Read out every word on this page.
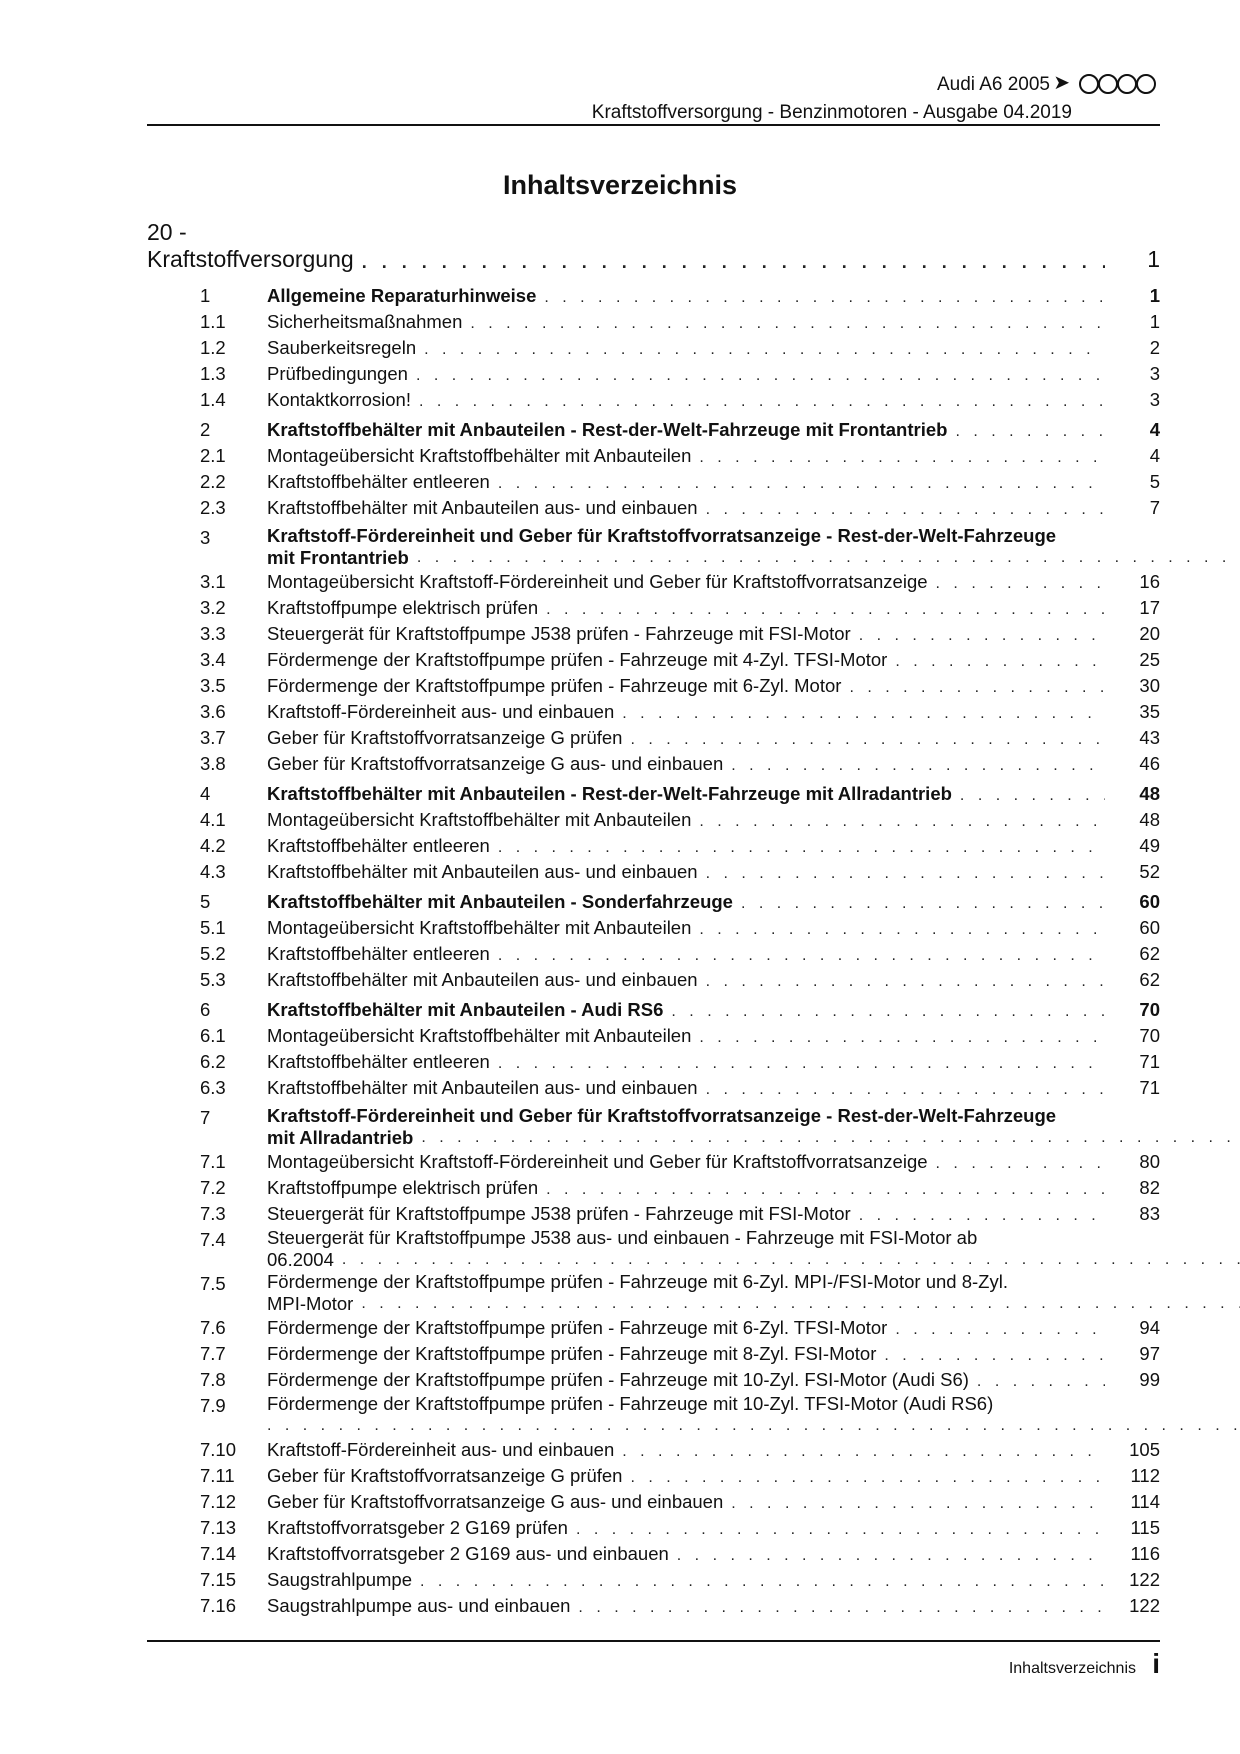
Audi A6 2005 ➤
Kraftstoffversorgung - Benzinmotoren - Ausgabe 04.2019
Inhaltsverzeichnis
20 - Kraftstoffversorgung . . .	1
1	Allgemeine Reparaturhinweise . . .	1
1.1	Sicherheitsmaßnahmen . . .	1
1.2	Sauberkeitsregeln . . .	2
1.3	Prüfbedingungen . . .	3
1.4	Kontaktkorrosion! . . .	3
2	Kraftstoffbehälter mit Anbauteilen - Rest-der-Welt-Fahrzeuge mit Frontantrieb . . .	4
2.1	Montageübersicht Kraftstoffbehälter mit Anbauteilen . . .	4
2.2	Kraftstoffbehälter entleeren . . .	5
2.3	Kraftstoffbehälter mit Anbauteilen aus- und einbauen . . .	7
3	Kraftstoff-Fördereinheit und Geber für Kraftstoffvorratsanzeige - Rest-der-Welt-Fahrzeuge
mit Frontantrieb
. . .
3.1	Montageübersicht Kraftstoff-Fördereinheit und Geber für Kraftstoffvorratsanzeige . . .	16
3.2	Kraftstoffpumpe elektrisch prüfen . . .	17
3.3	Steuergerät für Kraftstoffpumpe J538 prüfen - Fahrzeuge mit FSI-Motor . . .	20
3.4	Fördermenge der Kraftstoffpumpe prüfen - Fahrzeuge mit 4-Zyl. TFSI-Motor . . .	25
3.5	Fördermenge der Kraftstoffpumpe prüfen - Fahrzeuge mit 6-Zyl. Motor . . .	30
3.6	Kraftstoff-Fördereinheit aus- und einbauen . . .	35
3.7	Geber für Kraftstoffvorratsanzeige G prüfen . . .	43
3.8	Geber für Kraftstoffvorratsanzeige G aus- und einbauen . . .	46
4	Kraftstoffbehälter mit Anbauteilen - Rest-der-Welt-Fahrzeuge mit Allradantrieb . . .	48
4.1	Montageübersicht Kraftstoffbehälter mit Anbauteilen . . .	48
4.2	Kraftstoffbehälter entleeren . . .	49
4.3	Kraftstoffbehälter mit Anbauteilen aus- und einbauen . . .	52
5	Kraftstoffbehälter mit Anbauteilen - Sonderfahrzeuge . . .	60
5.1	Montageübersicht Kraftstoffbehälter mit Anbauteilen . . .	60
5.2	Kraftstoffbehälter entleeren . . .	62
5.3	Kraftstoffbehälter mit Anbauteilen aus- und einbauen . . .	62
6	Kraftstoffbehälter mit Anbauteilen - Audi RS6 . . .	70
6.1	Montageübersicht Kraftstoffbehälter mit Anbauteilen . . .	70
6.2	Kraftstoffbehälter entleeren . . .	71
6.3	Kraftstoffbehälter mit Anbauteilen aus- und einbauen . . .	71
7	Kraftstoff-Fördereinheit und Geber für Kraftstoffvorratsanzeige - Rest-der-Welt-Fahrzeuge
mit Allradantrieb
. . .
7.1	Montageübersicht Kraftstoff-Fördereinheit und Geber für Kraftstoffvorratsanzeige . . .	80
7.2	Kraftstoffpumpe elektrisch prüfen . . .	82
7.3	Steuergerät für Kraftstoffpumpe J538 prüfen - Fahrzeuge mit FSI-Motor . . .	83
7.4	Steuergerät für Kraftstoffpumpe J538 aus- und einbauen - Fahrzeuge mit FSI-Motor ab
06.2004
. . .
7.5	Fördermenge der Kraftstoffpumpe prüfen - Fahrzeuge mit 6-Zyl. MPI-/FSI-Motor und 8-Zyl.
MPI-Motor
. . .
7.6	Fördermenge der Kraftstoffpumpe prüfen - Fahrzeuge mit 6-Zyl. TFSI-Motor . . .	94
7.7	Fördermenge der Kraftstoffpumpe prüfen - Fahrzeuge mit 8-Zyl. FSI-Motor . . .	97
7.8	Fördermenge der Kraftstoffpumpe prüfen - Fahrzeuge mit 10-Zyl. FSI-Motor (Audi S6) . . .	99
7.9	Fördermenge der Kraftstoffpumpe prüfen - Fahrzeuge mit 10-Zyl. TFSI-Motor (Audi RS6)
. . .
7.10	Kraftstoff-Fördereinheit aus- und einbauen . . .	105
7.11	Geber für Kraftstoffvorratsanzeige G prüfen . . .	112
7.12	Geber für Kraftstoffvorratsanzeige G aus- und einbauen . . .	114
7.13	Kraftstoffvorratsgeber 2 G169 prüfen . . .	115
7.14	Kraftstoffvorratsgeber 2 G169 aus- und einbauen . . .	116
7.15	Saugstrahlpumpe . . .	122
7.16	Saugstrahlpumpe aus- und einbauen . . .	122
Inhaltsverzeichnis i
